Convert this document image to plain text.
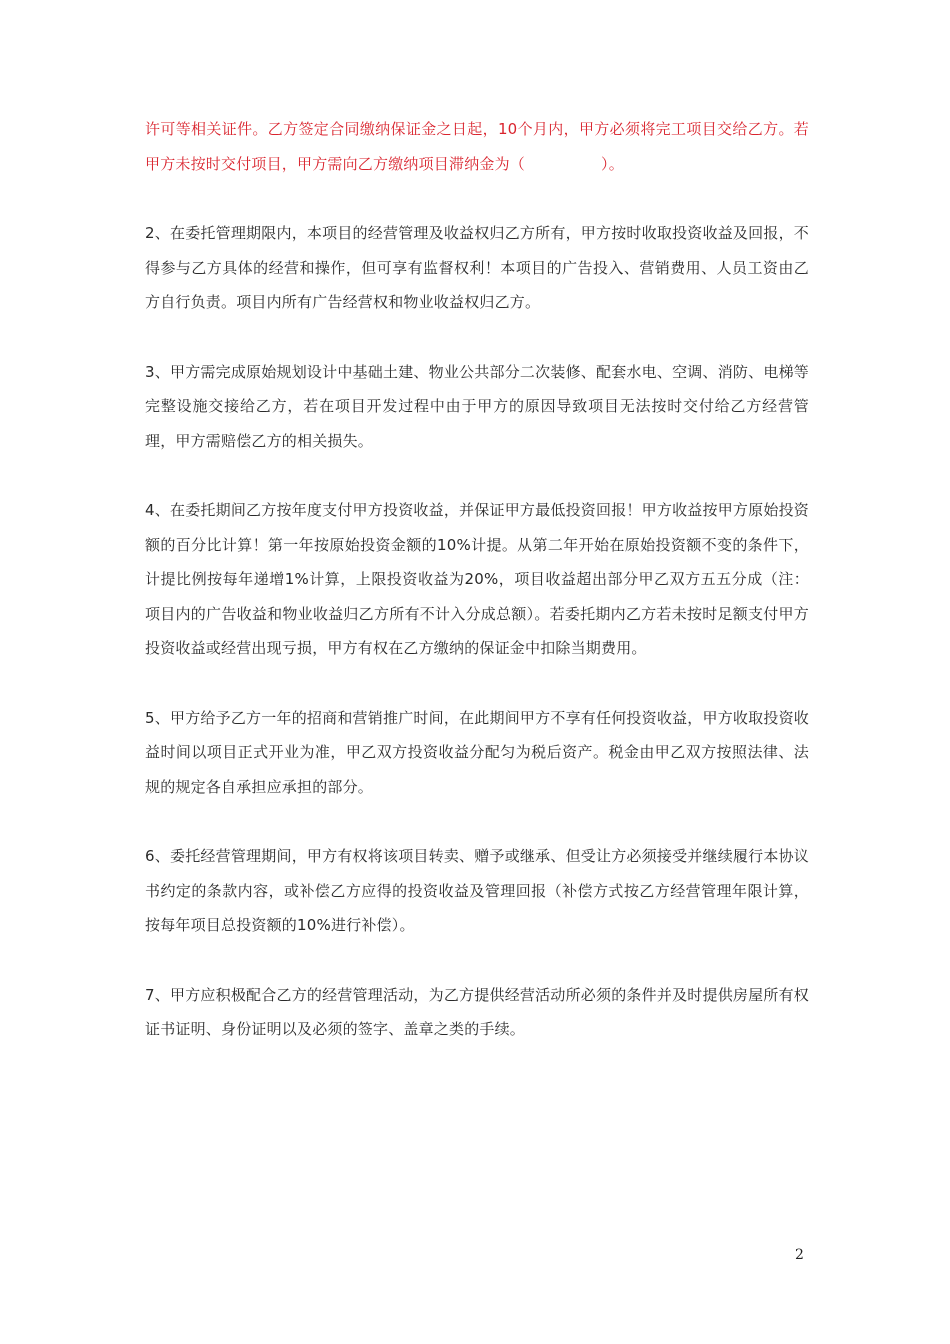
许可等相关证件。乙方签定合同缴纳保证金之日起，10个月内，甲方必须将完工项目交给乙方。若甲方未按时交付项目，甲方需向乙方缴纳项目滞纳金为（　　　　　）。

2、在委托管理期限内，本项目的经营管理及收益权归乙方所有，甲方按时收取投资收益及回报，不得参与乙方具体的经营和操作，但可享有监督权利！本项目的广告投入、营销费用、人员工资由乙方自行负责。项目内所有广告经营权和物业收益权归乙方。

3、甲方需完成原始规划设计中基础土建、物业公共部分二次装修、配套水电、空调、消防、电梯等完整设施交接给乙方，若在项目开发过程中由于甲方的原因导致项目无法按时交付给乙方经营管理，甲方需赔偿乙方的相关损失。

4、在委托期间乙方按年度支付甲方投资收益，并保证甲方最低投资回报！甲方收益按甲方原始投资额的百分比计算！第一年按原始投资金额的10%计提。从第二年开始在原始投资额不变的条件下，计提比例按每年递增1%计算，上限投资收益为20%，项目收益超出部分甲乙双方五五分成（注：项目内的广告收益和物业收益归乙方所有不计入分成总额）。若委托期内乙方若未按时足额支付甲方投资收益或经营出现亏损，甲方有权在乙方缴纳的保证金中扣除当期费用。

5、甲方给予乙方一年的招商和营销推广时间，在此期间甲方不享有任何投资收益，甲方收取投资收益时间以项目正式开业为准，甲乙双方投资收益分配匀为税后资产。税金由甲乙双方按照法律、法规的规定各自承担应承担的部分。

6、委托经营管理期间，甲方有权将该项目转卖、赠予或继承、但受让方必须接受并继续履行本协议书约定的条款内容，或补偿乙方应得的投资收益及管理回报（补偿方式按乙方经营管理年限计算，按每年项目总投资额的10%进行补偿）。

7、甲方应积极配合乙方的经营管理活动，为乙方提供经营活动所必须的条件并及时提供房屋所有权证书证明、身份证明以及必须的签字、盖章之类的手续。

2
